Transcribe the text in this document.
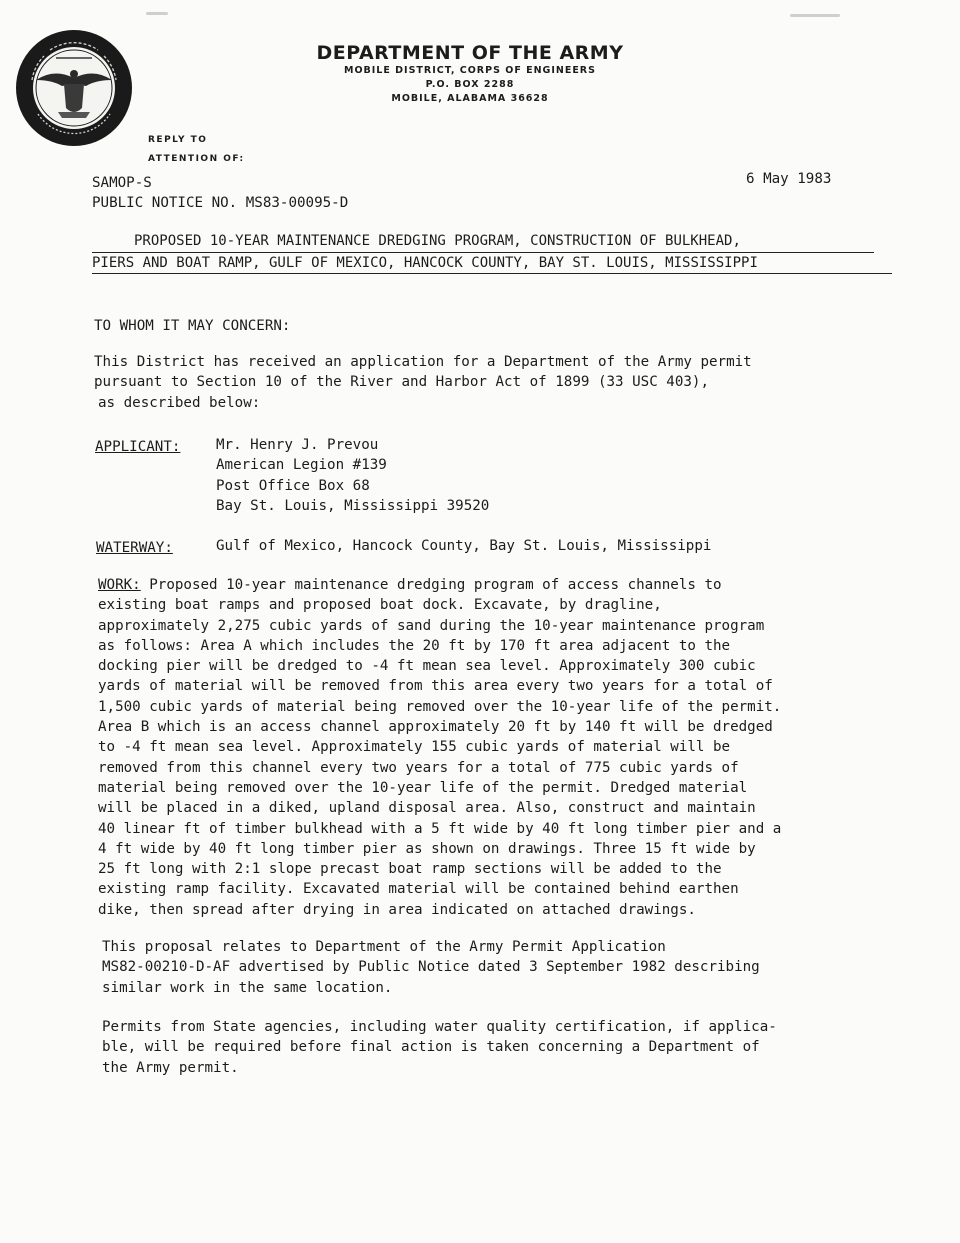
DEPARTMENT OF THE ARMY
MOBILE DISTRICT, CORPS OF ENGINEERS
P.O. BOX 2288
MOBILE, ALABAMA 36628
REPLY TO
ATTENTION OF:
SAMOP-S
PUBLIC NOTICE NO. MS83-00095-D
6 May 1983
PROPOSED 10-YEAR MAINTENANCE DREDGING PROGRAM, CONSTRUCTION OF BULKHEAD,
PIERS AND BOAT RAMP, GULF OF MEXICO, HANCOCK COUNTY, BAY ST. LOUIS, MISSISSIPPI
TO WHOM IT MAY CONCERN:
This District has received an application for a Department of the Army permit
pursuant to Section 10 of the River and Harbor Act of 1899 (33 USC 403),
as described below:
APPLICANT:	Mr. Henry J. Prevou
American Legion #139
Post Office Box 68
Bay St. Louis, Mississippi 39520
WATERWAY:	Gulf of Mexico, Hancock County, Bay St. Louis, Mississippi
WORK: Proposed 10-year maintenance dredging program of access channels to
existing boat ramps and proposed boat dock. Excavate, by dragline,
approximately 2,275 cubic yards of sand during the 10-year maintenance program
as follows: Area A which includes the 20 ft by 170 ft area adjacent to the
docking pier will be dredged to -4 ft mean sea level. Approximately 300 cubic
yards of material will be removed from this area every two years for a total of
1,500 cubic yards of material being removed over the 10-year life of the permit.
Area B which is an access channel approximately 20 ft by 140 ft will be dredged
to -4 ft mean sea level. Approximately 155 cubic yards of material will be
removed from this channel every two years for a total of 775 cubic yards of
material being removed over the 10-year life of the permit. Dredged material
will be placed in a diked, upland disposal area. Also, construct and maintain
40 linear ft of timber bulkhead with a 5 ft wide by 40 ft long timber pier and a
4 ft wide by 40 ft long timber pier as shown on drawings. Three 15 ft wide by
25 ft long with 2:1 slope precast boat ramp sections will be added to the
existing ramp facility. Excavated material will be contained behind earthen
dike, then spread after drying in area indicated on attached drawings.
This proposal relates to Department of the Army Permit Application
MS82-00210-D-AF advertised by Public Notice dated 3 September 1982 describing
similar work in the same location.
Permits from State agencies, including water quality certification, if applica-
ble, will be required before final action is taken concerning a Department of
the Army permit.
